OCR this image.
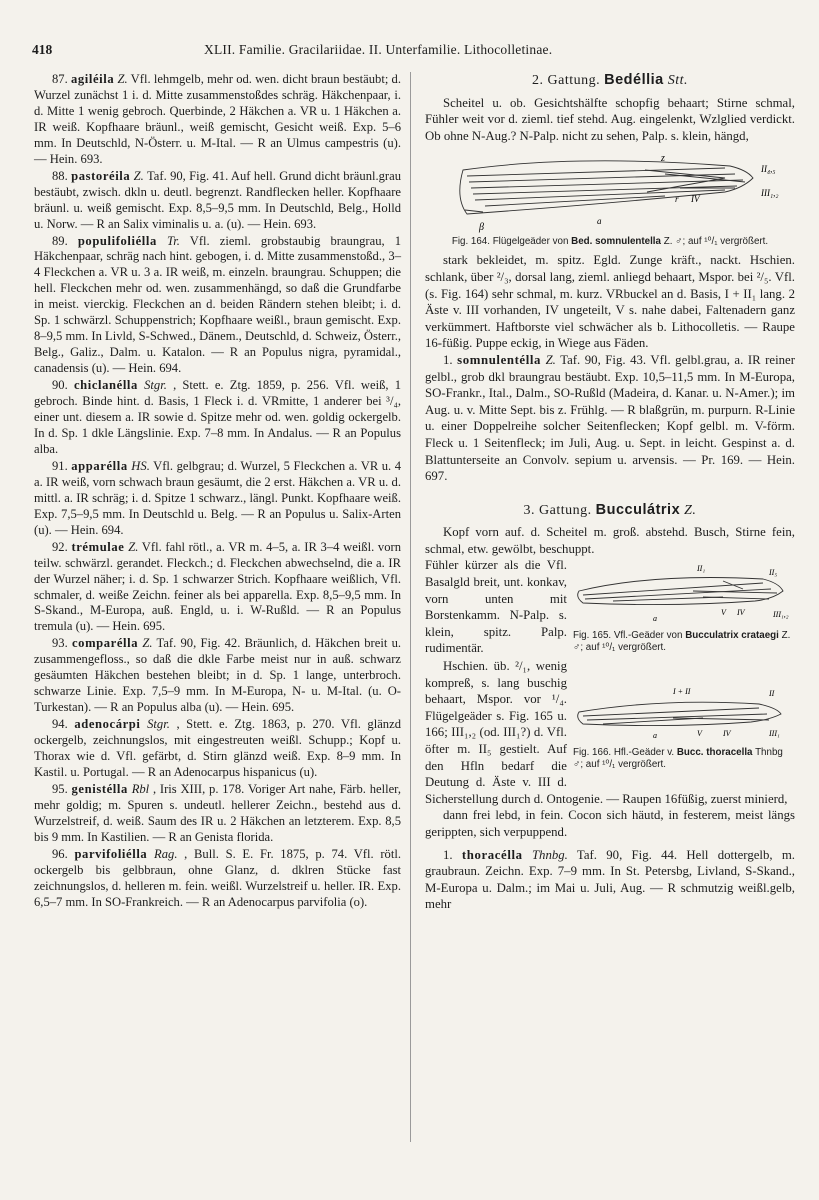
418	XLII. Familie. Gracilariidae. II. Unterfamilie. Lithocolletinae.

87. agiléila Z. Vfl. lehmgelb, mehr od. wen. dicht braun bestäubt; d. Wurzel zunächst 1 i. d. Mitte zusammenstoßdes schräg. Häkchenpaar, i. d. Mitte 1 wenig gebroch. Querbinde, 2 Häkchen a. VR u. 1 Häkchen a. IR weiß. Kopfhaare bräunl., weiß gemischt, Gesicht weiß. Exp. 5–6 mm. In Deutschld, N-Österr. u. M-Ital. — R an Ulmus campestris (u). — Hein. 693.

88. pastoréila Z. Taf. 90, Fig. 41. Auf hell. Grund dicht bräunl.grau bestäubt, zwisch. dkln u. deutl. begrenzt. Randflecken heller. Kopfhaare bräunl. u. weiß gemischt. Exp. 8,5–9,5 mm. In Deutschld, Belg., Holld u. Norw. — R an Salix viminalis u. a. (u). — Hein. 693.

89. populifoliélla Tr. Vfl. zieml. grobstaubig braungrau, 1 Häkchenpaar, schräg nach hint. gebogen, i. d. Mitte zusammenstoßd., 3–4 Fleckchen a. VR u. 3 a. IR weiß, m. einzeln. braungrau. Schuppen; die hell. Fleckchen mehr od. wen. zusammenhängd, so daß die Grundfarbe in meist. vierckig. Fleckchen an d. beiden Rändern stehen bleibt; i. d. Sp. 1 schwärzl. Schuppenstrich; Kopfhaare weißl., braun gemischt. Exp. 8–9,5 mm. In Livld, S-Schwed., Dänem., Deutschld, d. Schweiz, Österr., Belg., Galiz., Dalm. u. Katalon. — R an Populus nigra, pyramidal., canadensis (u). — Hein. 694.

90. chiclanélla Stgr. , Stett. e. Ztg. 1859, p. 256. Vfl. weiß, 1 gebroch. Binde hint. d. Basis, 1 Fleck i. d. VRmitte, 1 anderer bei ³/₄, einer unt. diesem a. IR sowie d. Spitze mehr od. wen. goldig ockergelb. In d. Sp. 1 dkle Längslinie. Exp. 7–8 mm. In Andalus. — R an Populus alba.

91. apparélla HS. Vfl. gelbgrau; d. Wurzel, 5 Fleckchen a. VR u. 4 a. IR weiß, vorn schwach braun gesäumt, die 2 erst. Häkchen a. VR u. d. mittl. a. IR schräg; i. d. Spitze 1 schwarz., längl. Punkt. Kopfhaare weiß. Exp. 7,5–9,5 mm. In Deutschld u. Belg. — R an Populus u. Salix-Arten (u). — Hein. 694.

92. trémulae Z. Vfl. fahl rötl., a. VR m. 4–5, a. IR 3–4 weißl. vorn teilw. schwärzl. gerandet. Fleckch.; d. Fleckchen abwechselnd, die a. IR der Wurzel näher; i. d. Sp. 1 schwarzer Strich. Kopfhaare weißlich, Vfl. schmaler, d. weiße Zeichn. feiner als bei apparella. Exp. 8,5–9,5 mm. In S-Skand., M-Europa, auß. Engld, u. i. W-Rußld. — R an Populus tremula (u). — Hein. 695.

93. comparélla Z. Taf. 90, Fig. 42. Bräunlich, d. Häkchen breit u. zusammengefloss., so daß die dkle Farbe meist nur in auß. schwarz gesäumten Häkchen bestehen bleibt; in d. Sp. 1 lange, unterbroch. schwarze Linie. Exp. 7,5–9 mm. In M-Europa, N- u. M-Ital. (u. O-Turkestan). — R an Populus alba (u). — Hein. 695.

94. adenocárpi Stgr. , Stett. e. Ztg. 1863, p. 270. Vfl. glänzd ockergelb, zeichnungslos, mit eingestreuten weißl. Schupp.; Kopf u. Thorax wie d. Vfl. gefärbt, d. Stirn glänzd weiß. Exp. 8–9 mm. In Kastil. u. Portugal. — R an Adenocarpus hispanicus (u).

95. genistélla Rbl , Iris XIII, p. 178. Voriger Art nahe, Färb. heller, mehr goldig; m. Spuren s. undeutl. hellerer Zeichn., bestehd aus d. Wurzelstreif, d. weiß. Saum des IR u. 2 Häkchen an letzterem. Exp. 8,5 bis 9 mm. In Kastilien. — R an Genista florida.

96. parvifoliélla Rag. , Bull. S. E. Fr. 1875, p. 74. Vfl. rötl. ockergelb bis gelbbraun, ohne Glanz, d. dklren Stücke fast zeichnungslos, d. helleren m. fein. weißl. Wurzelstreif u. heller. IR. Exp. 6,5–7 mm. In SO-Frankreich. — R an Adenocarpus parvifolia (o).

2. Gattung. Bedéllia Stt.

Scheitel u. ob. Gesichtshälfte schopfig behaart; Stirne schmal, Fühler weit vor d. zieml. tief stehd. Aug. eingelenkt, Wzlglied verdickt. Ob ohne N-Aug.? N-Palp. nicht zu sehen, Palp. s. klein, hängd,

z
II₄,₅
III₁,₂
IV
r
β
a
Fig. 164. Flügelgeäder von Bed. somnulentella Z. ♂; auf ¹⁰/₁ vergrößert.

stark bekleidet, m. spitz. Egld. Zunge kräft., nackt. Hschien. schlank, über ²/₃, dorsal lang, zieml. anliegd behaart, Mspor. bei ²/₅. Vfl. (s. Fig. 164) sehr schmal, m. kurz. VRbuckel an d. Basis, I + II₁ lang. 2 Äste v. III vorhanden, IV ungeteilt, V s. nahe dabei, Faltenadern ganz verkümmert. Haftborste viel schwächer als b. Lithocolletis. — Raupe 16-füßig. Puppe eckig, in Wiege aus Fäden.

1. somnulentélla Z. Taf. 90, Fig. 43. Vfl. gelbl.grau, a. IR reiner gelbl., grob dkl braungrau bestäubt. Exp. 10,5–11,5 mm. In M-Europa, SO-Frankr., Ital., Dalm., SO-Rußld (Madeira, d. Kanar. u. N-Amer.); im Aug. u. v. Mitte Sept. bis z. Frühlg. — R blaßgrün, m. purpurn. R-Linie u. einer Doppelreihe solcher Seitenflecken; Kopf gelbl. m. V-förm. Fleck u. 1 Seitenfleck; im Juli, Aug. u. Sept. in leicht. Gespinst a. d. Blattunterseite an Convolv. sepium u. arvensis. — Pr. 169. — Hein. 697.

3. Gattung. Bucculátrix Z.

Kopf vorn auf. d. Scheitel m. groß. abstehd. Busch, Stirne fein, schmal, etw. gewölbt, beschuppt.

II₁	II₅
III₁,₂
IV
V
a
Fig. 165. Vfl.-Geäder von Bucculatrix crataegi Z. ♂; auf ¹⁰/₁ vergrößert.

Fühler kürzer als die Vfl. Basalgld breit, unt. konkav, vorn unten mit Borstenkamm. N-Palp. s. klein, spitz. Palp. rudimentär.

I + II	II
III₁
IV
V
a
Fig. 166. Hfl.-Geäder v. Bucc. thoracella Thnbg ♂; auf ¹⁰/₁ vergrößert.

Hschien. üb. ²/₁, wenig kompreß, s. lang buschig behaart, Mspor. vor ¹/₄. Flügelgeäder s. Fig. 165 u. 166; III₁,₂ (od. III₁?) d. Vfl. öfter m. II₅ gestielt. Auf den Hfln bedarf die Deutung d. Äste v. III d. Sicherstellung durch d. Ontogenie. — Raupen 16füßig, zuerst minierd,

dann frei lebd, in fein. Cocon sich häutd, in festerem, meist längs gerippten, sich verpuppend.

1. thoracélla Thnbg. Taf. 90, Fig. 44. Hell dottergelb, m. graubraun. Zeichn. Exp. 7–9 mm. In St. Petersbg, Livland, S-Skand., M-Europa u. Dalm.; im Mai u. Juli, Aug. — R schmutzig weißl.gelb, mehr
